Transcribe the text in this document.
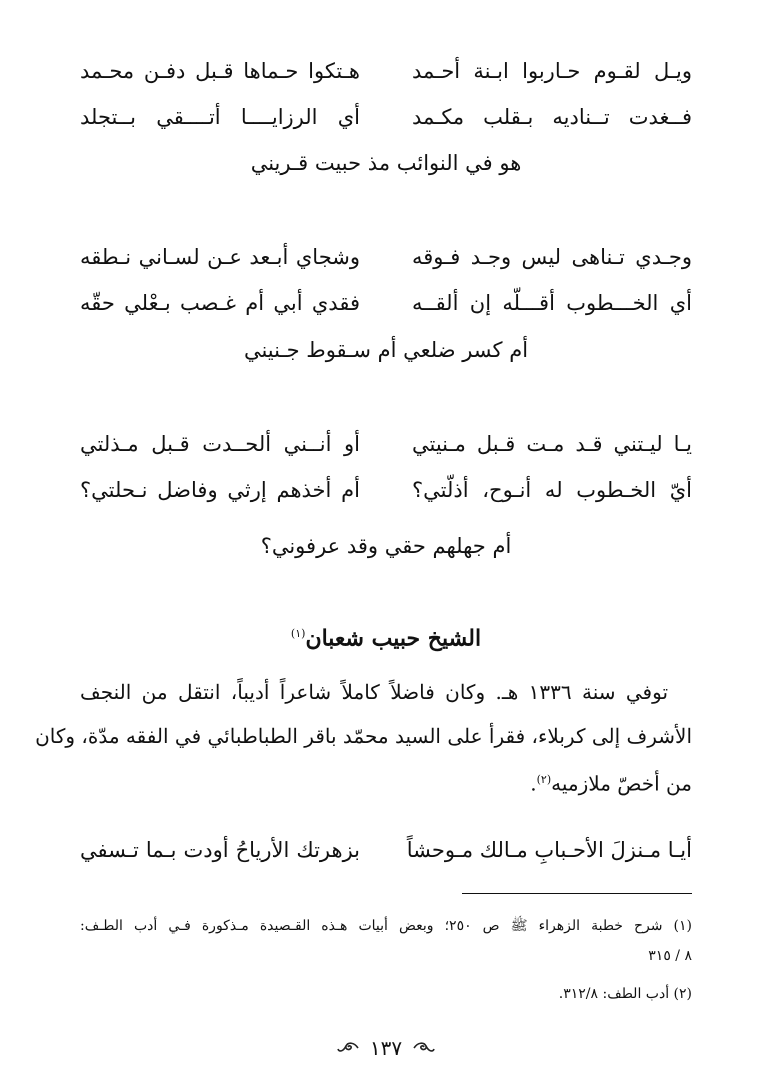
ويـل لقـوم حـاربوا ابـنة أحـمد
هـتكوا حـماها قـبل دفـن محـمد
فــغدت تــناديه بـقلب مكـمد
أي الرزايــــا أتــــقي بــتجلد
هو في النوائب مذ حبيت قـريني
وجـدي تـناهى ليس وجـد فـوقه
وشجاي أبـعد عـن لسـاني نـطقه
أي الخـــطوب أقـــلّه إن ألقــه
فقدي أبي أم غـصب بـعْلي حقّه
أم كسر ضلعي أم سـقوط جـنيني
يـا ليـتني قـد مـت قـبل مـنيتي
أو أنــني ألحــدت قـبل مـذلتي
أيّ الخـطوب له أنـوح، أذلّتي؟
أم أخذهم إرثي وفاضل نـحلتي؟
أم جهلهم حقي وقد عرفوني؟
الشيخ حبيب شعبان$^{(١)}$
توفي سنة ١٣٣٦ هـ. وكان فاضلاً كاملاً شاعراً أديباً، انتقل من النجف
الأشرف إلى كربلاء، فقرأ على السيد محمّد باقر الطباطبائي في الفقه مدّة، وكان
من أخصّ ملازميه$^{(٢)}$.
أيـا مـنزلَ الأحـبابِ مـالك مـوحشاً
بزهرتك الأرياحُ أودت بـما تـسفي
(١) شرح خطبة الزهراء ﷺ ص ٢٥٠؛ وبعض أبيات هـذه القـصيدة مـذكورة فـي أدب الطـف:
٨ / ٣١٥
(٢) أدب الطف: ٣١٢/٨.
١٣٧
